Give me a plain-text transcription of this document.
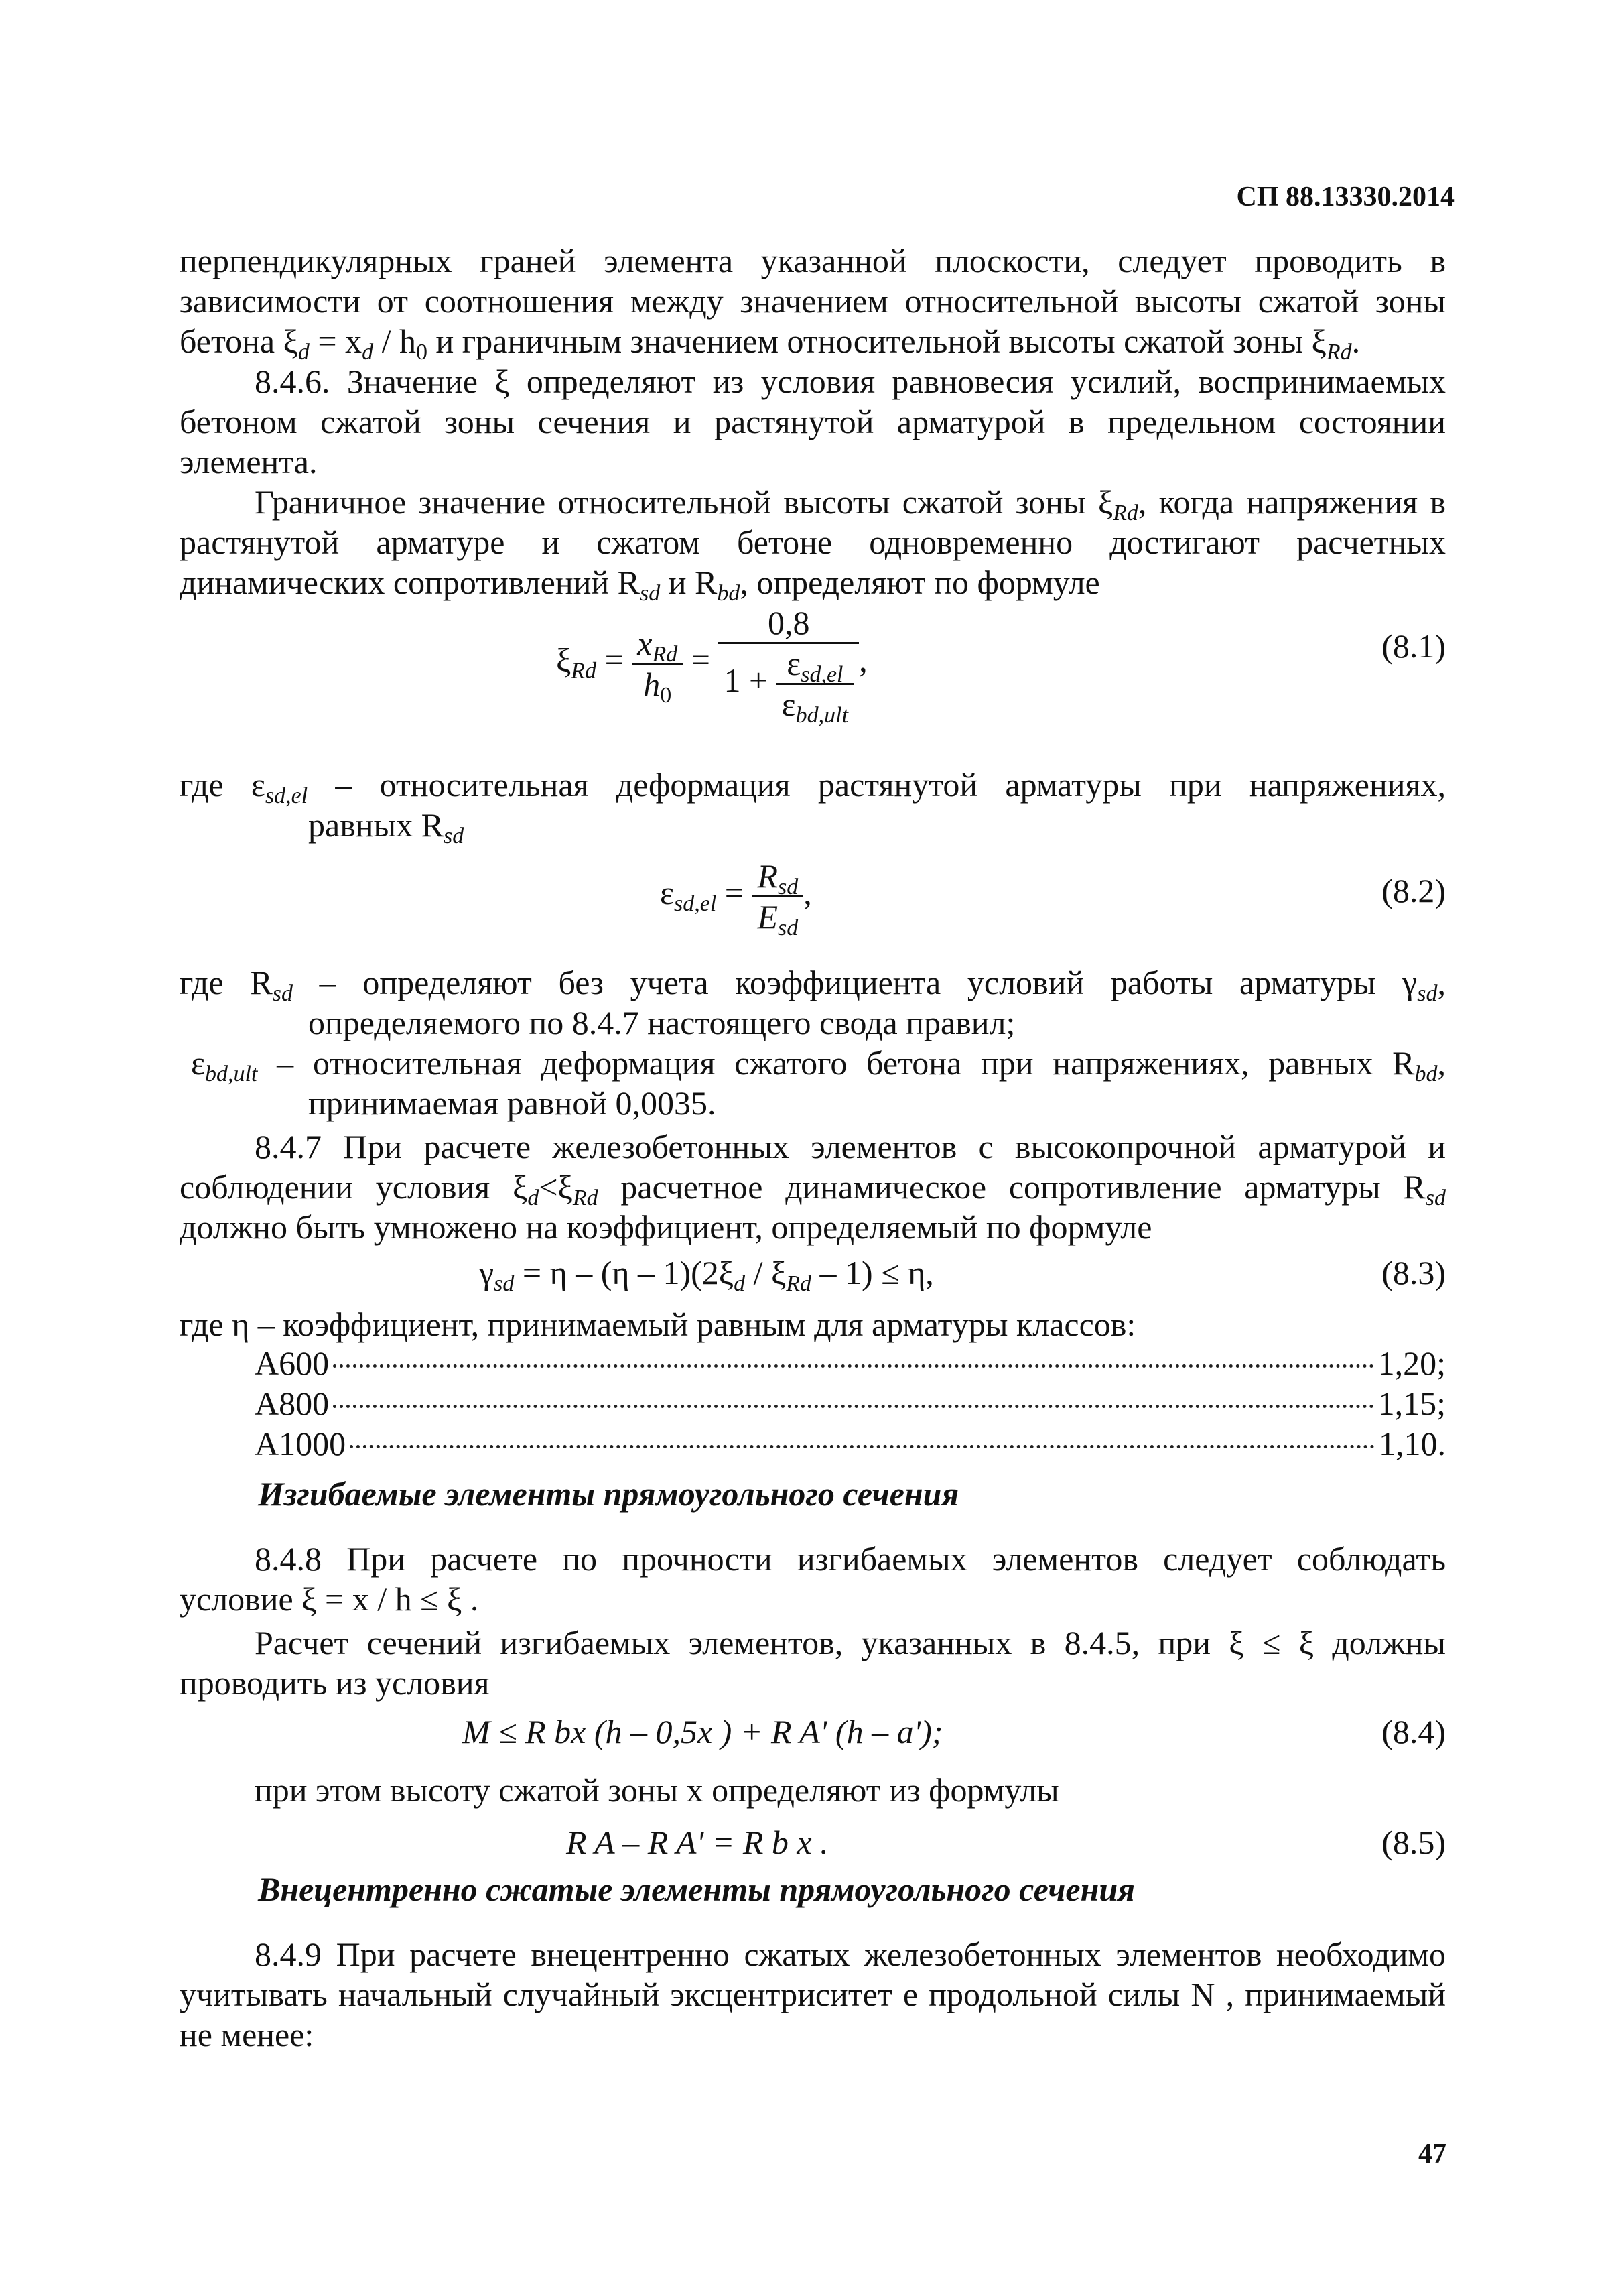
СП 88.13330.2014
перпендикулярных граней элемента указанной плоскости, следует проводить в
зависимости от соотношения между значением относительной высоты сжатой зоны
бетона $\xi_d = x_d / h_0$ и граничным значением относительной высоты сжатой зоны $\xi_{Rd}$.
8.4.6. Значение ξ определяют из условия равновесия усилий, воспринимаемых
бетоном сжатой зоны сечения и растянутой арматурой в предельном состоянии
элемента.
Граничное значение относительной высоты сжатой зоны $\xi_{Rd}$, когда напряжения в
растянутой арматуре и сжатом бетоне одновременно достигают расчетных
динамических сопротивлений $R_{sd}$ и $R_{bd}$, определяют по формуле
$\xi_{Rd} = \frac{x_{Rd}}{h_0} = \frac{0,8}{1 + \frac{\varepsilon_{sd,el}}{\varepsilon_{bd,ult}}}$ ,	(8.1)
где $\varepsilon_{sd,el}$ – относительная деформация растянутой арматуры при напряжениях,
равных $R_{sd}$
$\varepsilon_{sd,el} = \frac{R_{sd}}{E_{sd}}$ ,	(8.2)
где $R_{sd}$ – определяют без учета коэффициента условий работы арматуры $\gamma_{sd}$,
определяемого по 8.4.7 настоящего свода правил;
$\varepsilon_{bd,ult}$ – относительная деформация сжатого бетона при напряжениях, равных $R_{bd}$,
принимаемая равной 0,0035.
8.4.7 При расчете железобетонных элементов с высокопрочной арматурой и
соблюдении условия $\xi_d<\xi_{Rd}$ расчетное динамическое сопротивление арматуры $R_{sd}$
должно быть умножено на коэффициент, определяемый по формуле
$\gamma_{sd} = \eta - (\eta - 1)(2\xi_d / \xi_{Rd} - 1) \le \eta$,	(8.3)
где η – коэффициент, принимаемый равным для арматуры классов:
А600	1,20;
А800	1,15;
А1000	1,10.
Изгибаемые элементы прямоугольного сечения
8.4.8 При расчете по прочности изгибаемых элементов следует соблюдать
условие ξ = x / h ≤ ξ .
Расчет сечений изгибаемых элементов, указанных в 8.4.5, при ξ ≤ ξ должны
проводить из условия
M ≤ R bx (h – 0,5x ) + R A' (h – a');	(8.4)
при этом высоту сжатой зоны x определяют из формулы
R A – R A' = R b x .	(8.5)
Внецентренно сжатые элементы прямоугольного сечения
8.4.9 При расчете внецентренно сжатых железобетонных элементов необходимо
учитывать начальный случайный эксцентриситет e продольной силы N , принимаемый
не менее:
47
